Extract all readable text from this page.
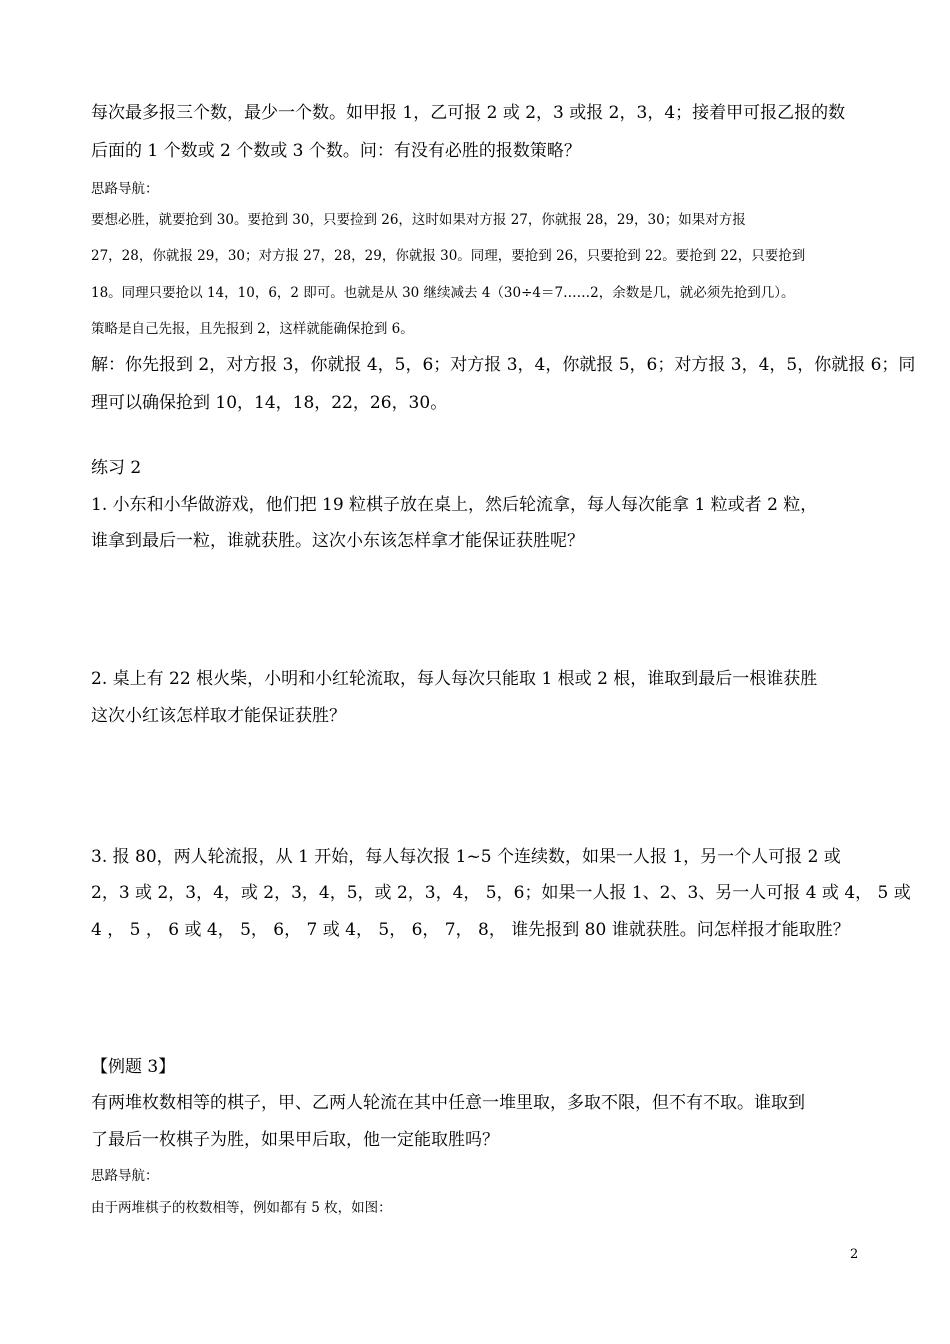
每次最多报三个数，最少一个数。如甲报 1，乙可报 2 或 2，3 或报 2，3，4；接着甲可报乙报的数
后面的 1 个数或 2 个数或 3 个数。问：有没有必胜的报数策略？
思路导航：
要想必胜，就要抢到 30。要抢到 30，只要捡到 26，这时如果对方报 27，你就报 28，29，30；如果对方报
27，28，你就报 29，30；对方报 27，28，29，你就报 30。同理，要抢到 26，只要抢到 22。要抢到 22，只要抢到
18。同理只要抢以 14，10，6，2 即可。也就是从 30 继续减去 4（30÷4＝7……2，余数是几，就必须先抢到几）。
策略是自己先报，且先报到 2，这样就能确保抢到 6。
解：你先报到 2，对方报 3，你就报 4，5，6；对方报 3，4，你就报 5，6；对方报 3，4，5，你就报 6；同
理可以确保抢到 10，14，18，22，26，30。
练习 2
1. 小东和小华做游戏，他们把 19 粒棋子放在桌上，然后轮流拿，每人每次能拿 1 粒或者 2 粒，
谁拿到最后一粒，谁就获胜。这次小东该怎样拿才能保证获胜呢？
2. 桌上有 22 根火柴，小明和小红轮流取，每人每次只能取 1 根或 2 根，谁取到最后一根谁获胜
这次小红该怎样取才能保证获胜？
3. 报 80，两人轮流报，从 1 开始，每人每次报 1~5 个连续数，如果一人报 1，另一个人可报 2 或
2，3 或 2，3，4，或 2，3，4，5，或 2，3，4， 5，6；如果一人报 1、2、3、另一人可报 4 或 4， 5 或
4 ， 5 ， 6 或 4， 5， 6， 7 或 4， 5， 6， 7， 8， 谁先报到 80 谁就获胜。问怎样报才能取胜？
【例题 3】
有两堆枚数相等的棋子，甲、乙两人轮流在其中任意一堆里取，多取不限，但不有不取。谁取到
了最后一枚棋子为胜，如果甲后取，他一定能取胜吗？
思路导航：
由于两堆棋子的枚数相等，例如都有 5 枚，如图：
2
